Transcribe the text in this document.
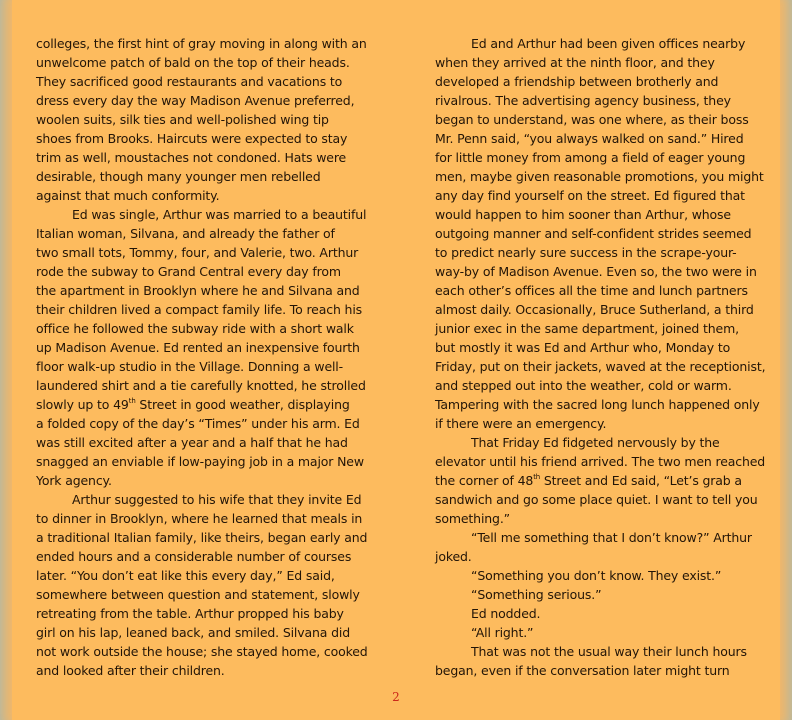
colleges, the first hint of gray moving in along with an
unwelcome patch of bald on the top of their heads.
They sacrificed good restaurants and vacations to
dress every day the way Madison Avenue preferred,
woolen suits, silk ties and well-polished wing tip
shoes from Brooks. Haircuts were expected to stay
trim as well, moustaches not condoned. Hats were
desirable, though many younger men rebelled
against that much conformity.
Ed was single, Arthur was married to a beautiful
Italian woman, Silvana, and already the father of
two small tots, Tommy, four, and Valerie, two. Arthur
rode the subway to Grand Central every day from
the apartment in Brooklyn where he and Silvana and
their children lived a compact family life. To reach his
office he followed the subway ride with a short walk
up Madison Avenue. Ed rented an inexpensive fourth
floor walk-up studio in the Village. Donning a well-
laundered shirt and a tie carefully knotted, he strolled
slowly up to 49th Street in good weather, displaying
a folded copy of the day’s “Times” under his arm. Ed
was still excited after a year and a half that he had
snagged an enviable if low-paying job in a major New
York agency.
Arthur suggested to his wife that they invite Ed
to dinner in Brooklyn, where he learned that meals in
a traditional Italian family, like theirs, began early and
ended hours and a considerable number of courses
later. “You don’t eat like this every day,” Ed said,
somewhere between question and statement, slowly
retreating from the table. Arthur propped his baby
girl on his lap, leaned back, and smiled. Silvana did
not work outside the house; she stayed home, cooked
and looked after their children.
Ed and Arthur had been given offices nearby
when they arrived at the ninth floor, and they
developed a friendship between brotherly and
rivalrous. The advertising agency business, they
began to understand, was one where, as their boss
Mr. Penn said, “you always walked on sand.” Hired
for little money from among a field of eager young
men, maybe given reasonable promotions, you might
any day find yourself on the street. Ed figured that
would happen to him sooner than Arthur, whose
outgoing manner and self-confident strides seemed
to predict nearly sure success in the scrape-your-
way-by of Madison Avenue. Even so, the two were in
each other’s offices all the time and lunch partners
almost daily. Occasionally, Bruce Sutherland, a third
junior exec in the same department, joined them,
but mostly it was Ed and Arthur who, Monday to
Friday, put on their jackets, waved at the receptionist,
and stepped out into the weather, cold or warm.
Tampering with the sacred long lunch happened only
if there were an emergency.
That Friday Ed fidgeted nervously by the
elevator until his friend arrived. The two men reached
the corner of 48th Street and Ed said, “Let’s grab a
sandwich and go some place quiet. I want to tell you
something.”
“Tell me something that I don’t know?” Arthur
joked.
“Something you don’t know. They exist.”
“Something serious.”
Ed nodded.
“All right.”
That was not the usual way their lunch hours
began, even if the conversation later might turn
2
